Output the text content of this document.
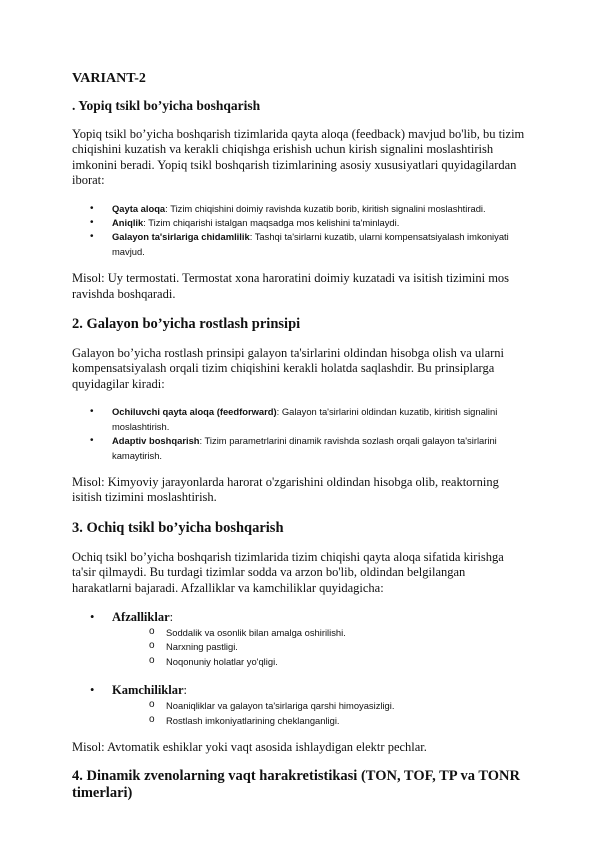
VARIANT-2
. Yopiq tsikl bo’yicha boshqarish

Yopiq tsikl bo’yicha boshqarish tizimlarida qayta aloqa (feedback) mavjud bo'lib, bu tizim chiqishini kuzatish va kerakli chiqishga erishish uchun kirish signalini moslashtirish imkonini beradi. Yopiq tsikl boshqarish tizimlarining asosiy xususiyatlari quyidagilardan iborat:

• Qayta aloqa: Tizim chiqishini doimiy ravishda kuzatib borib, kiritish signalini moslashtiradi.
• Aniqlik: Tizim chiqarishi istalgan maqsadga mos kelishini ta'minlaydi.
• Galayon ta'sirlariga chidamlilik: Tashqi ta'sirlarni kuzatib, ularni kompensatsiyalash imkoniyati mavjud.

Misol: Uy termostati. Termostat xona haroratini doimiy kuzatadi va isitish tizimini mos ravishda boshqaradi.

2. Galayon bo’yicha rostlash prinsipi

Galayon bo’yicha rostlash prinsipi galayon ta'sirlarini oldindan hisobga olish va ularni kompensatsiyalash orqali tizim chiqishini kerakli holatda saqlashdir. Bu prinsiplarga quyidagilar kiradi:

• Ochiluvchi qayta aloqa (feedforward): Galayon ta'sirlarini oldindan kuzatib, kiritish signalini moslashtirish.
• Adaptiv boshqarish: Tizim parametrlarini dinamik ravishda sozlash orqali galayon ta'sirlarini kamaytirish.

Misol: Kimyoviy jarayonlarda harorat o'zgarishini oldindan hisobga olib, reaktorning isitish tizimini moslashtirish.

3. Ochiq tsikl bo’yicha boshqarish

Ochiq tsikl bo’yicha boshqarish tizimlarida tizim chiqishi qayta aloqa sifatida kirishga ta'sir qilmaydi. Bu turdagi tizimlar sodda va arzon bo'lib, oldindan belgilangan harakatlarni bajaradi. Afzalliklar va kamchiliklar quyidagicha:

• Afzalliklar:
o Soddalik va osonlik bilan amalga oshirilishi.
o Narxning pastligi.
o Noqonuniy holatlar yo'qligi.
• Kamchiliklar:
o Noaniqliklar va galayon ta'sirlariga qarshi himoyasizligi.
o Rostlash imkoniyatlarining cheklanganligi.

Misol: Avtomatik eshiklar yoki vaqt asosida ishlaydigan elektr pechlar.

4. Dinamik zvenolarning vaqt harakretistikasi (TON, TOF, TP va TONR timerlari)
